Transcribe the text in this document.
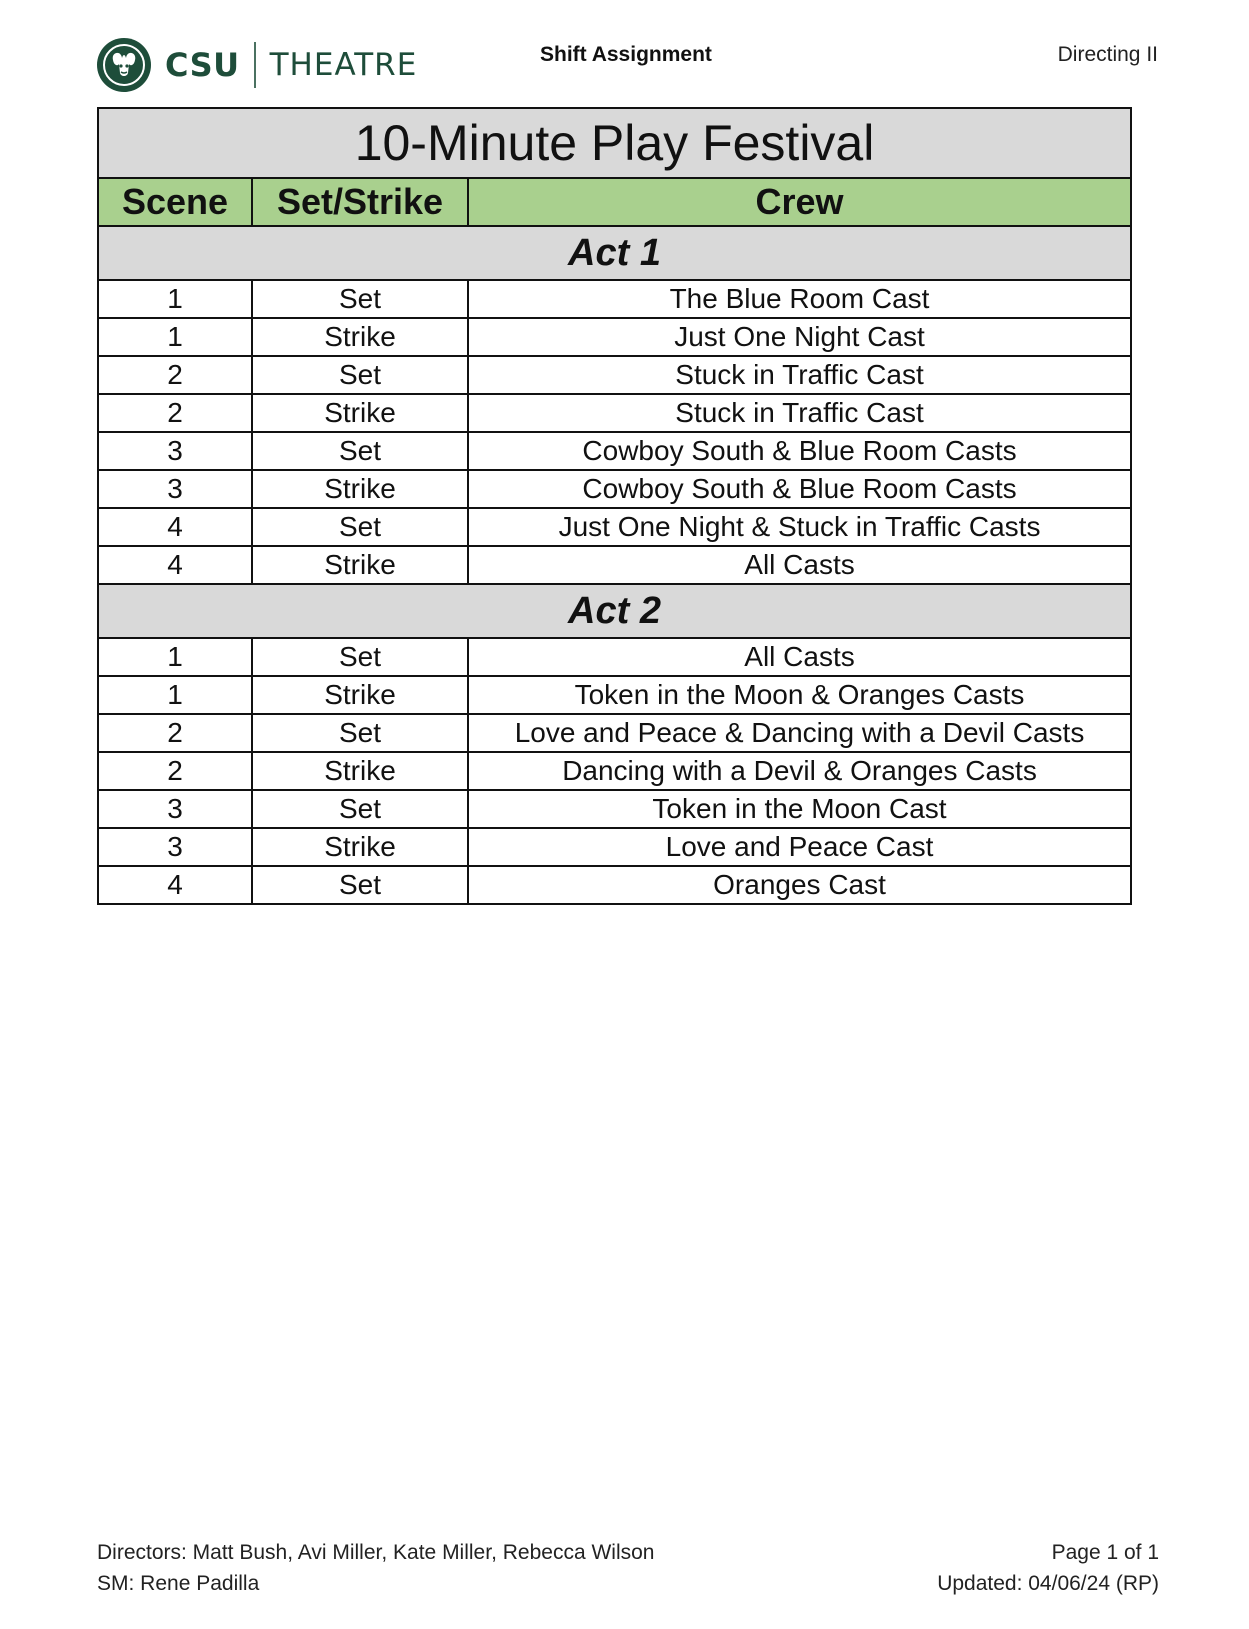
CSU THEATRE	Shift Assignment	Directing II
10-Minute Play Festival		
Scene	Set/Strike	Crew
Act 1		
1	Set	The Blue Room Cast
1	Strike	Just One Night Cast
2	Set	Stuck in Traffic Cast
2	Strike	Stuck in Traffic Cast
3	Set	Cowboy South & Blue Room Casts
3	Strike	Cowboy South & Blue Room Casts
4	Set	Just One Night & Stuck in Traffic Casts
4	Strike	All Casts
Act 2		
1	Set	All Casts
1	Strike	Token in the Moon & Oranges Casts
2	Set	Love and Peace & Dancing with a Devil Casts
2	Strike	Dancing with a Devil & Oranges Casts
3	Set	Token in the Moon Cast
3	Strike	Love and Peace Cast
4	Set	Oranges Cast
Directors: Matt Bush, Avi Miller, Kate Miller, Rebecca Wilson
SM: Rene Padilla
Page 1 of 1
Updated: 04/06/24 (RP)
